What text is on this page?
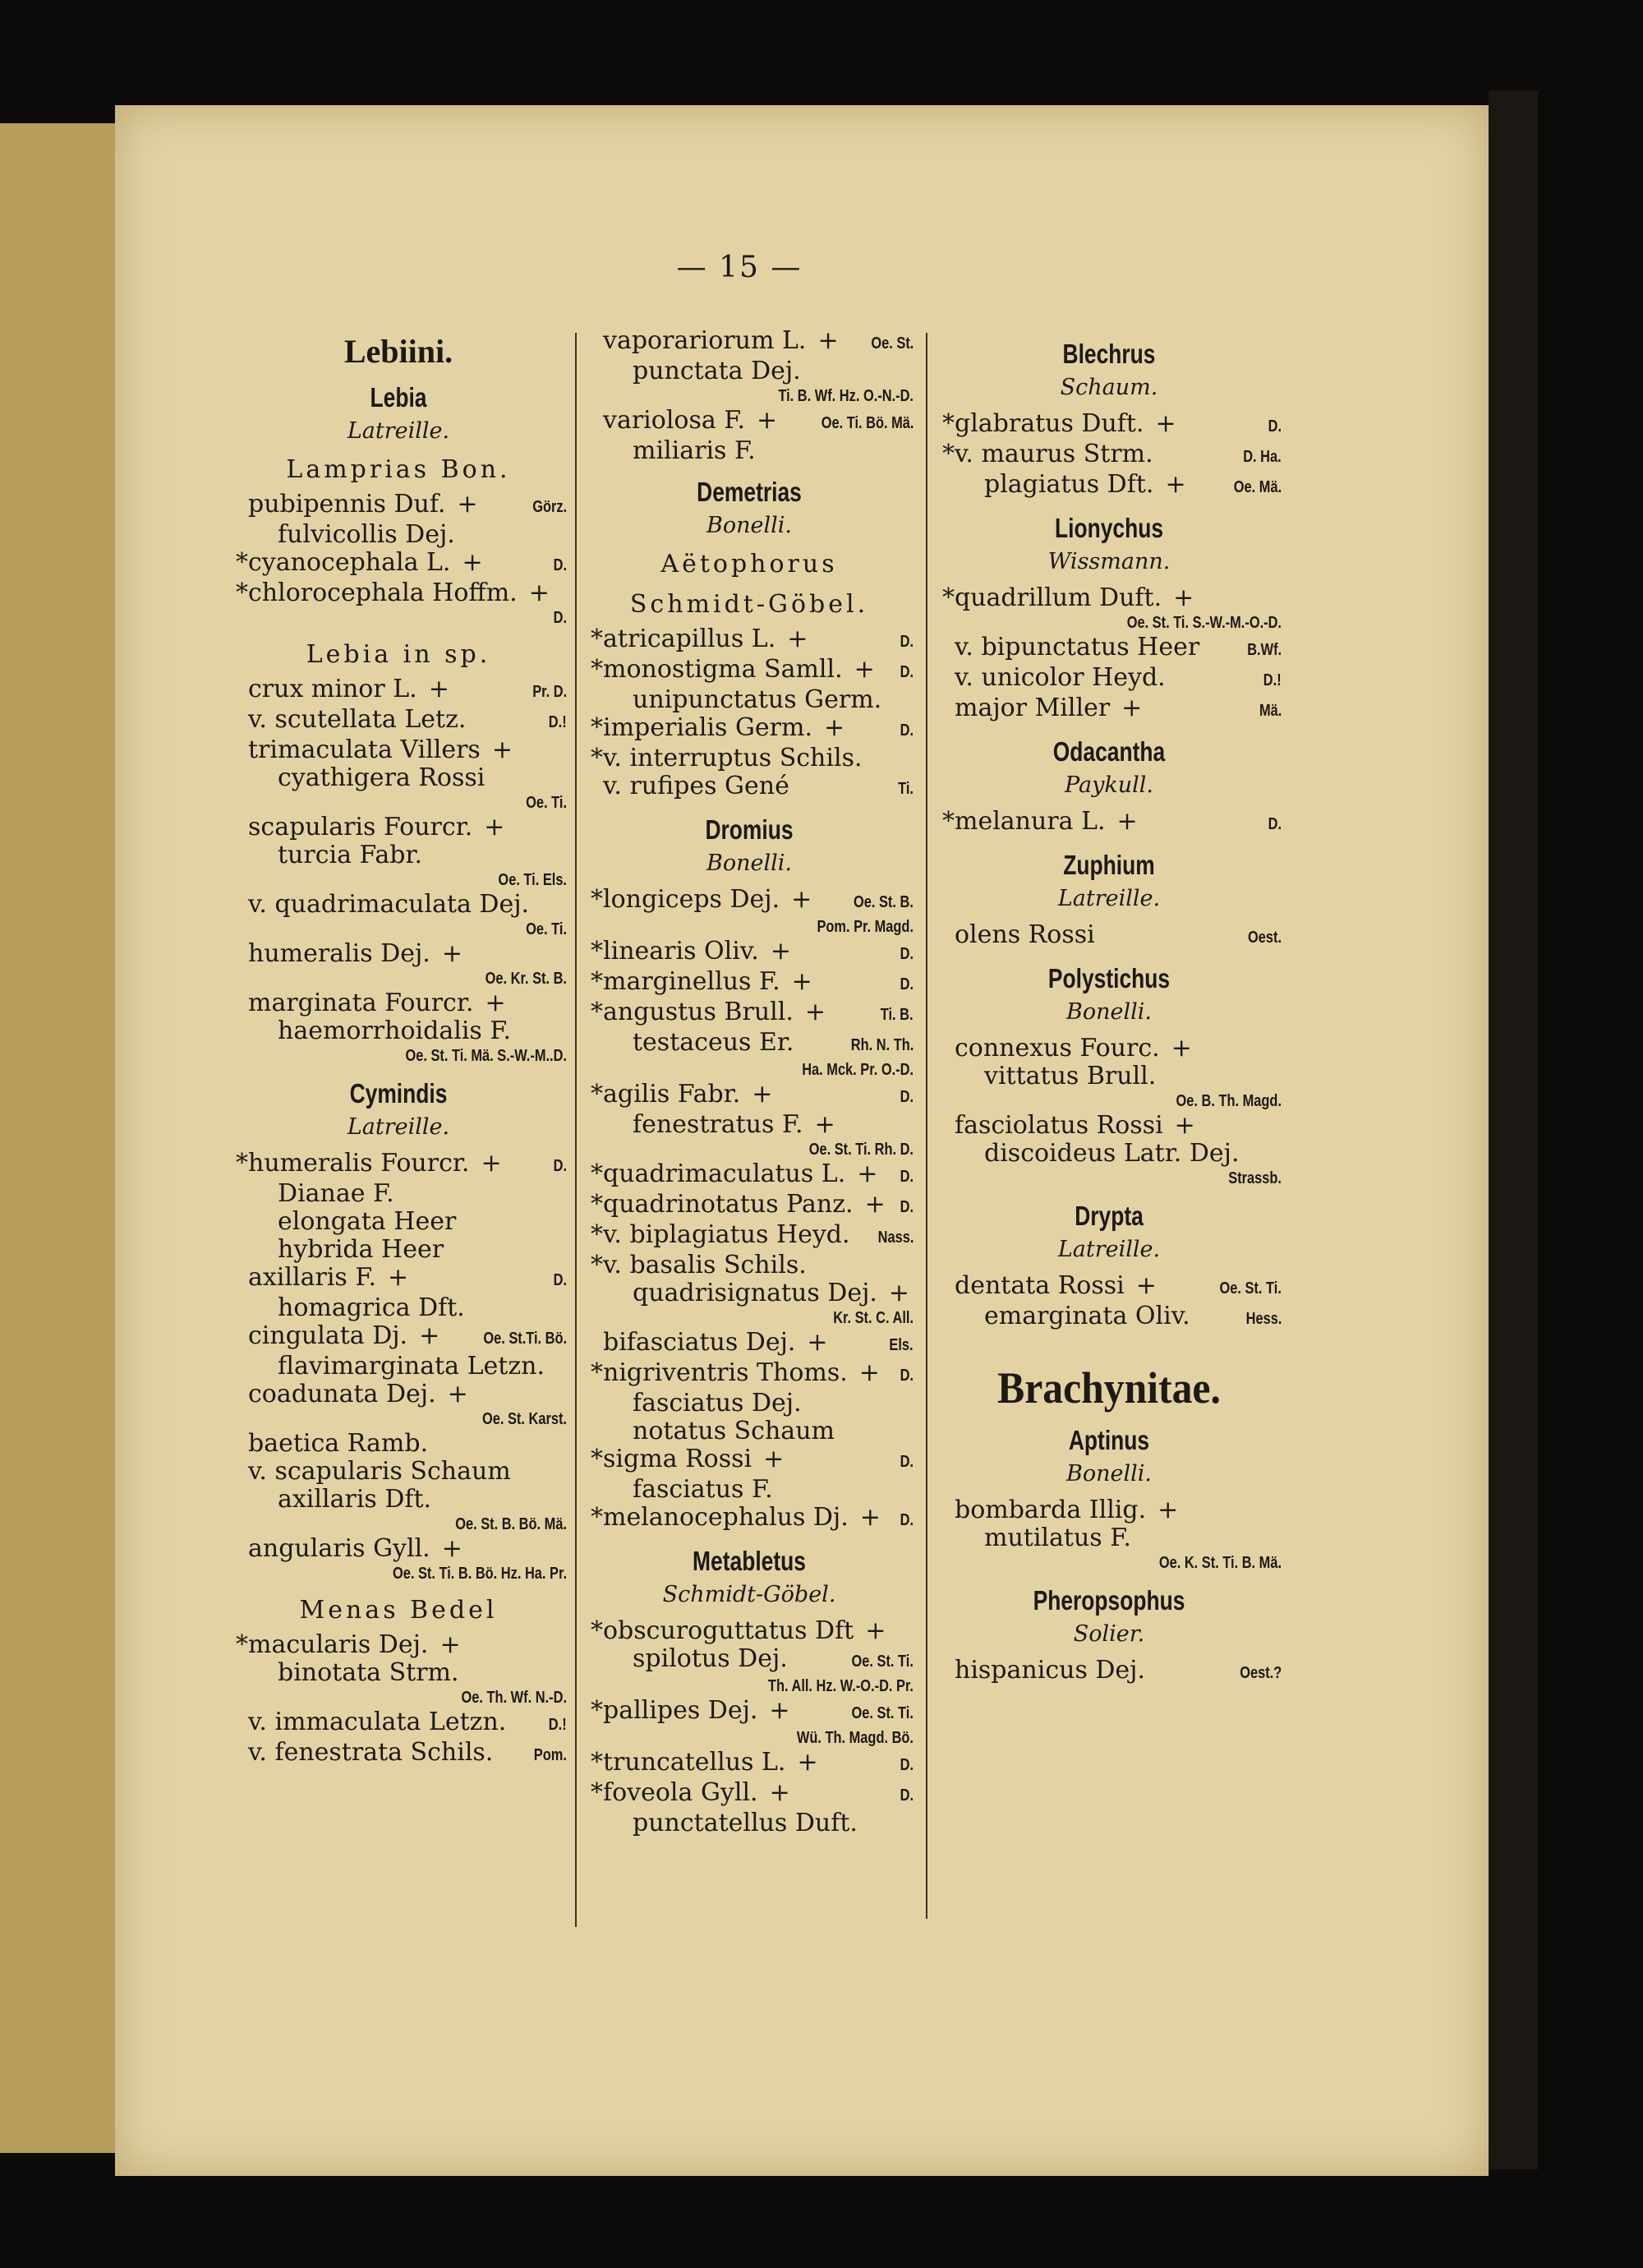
— 15 —
Lebiini.
Lebia
Latreille.
Lamprias Bon.
pubipennis Duf. +	Görz.
fulvicollis Dej.
* cyanocephala L. +	D.
* chlorocephala Hoffm. +
D.
Lebia in sp.
crux minor L. +	Pr. D.
v. scutellata Letz.	D.!
trimaculata Villers +
cyathigera Rossi
Oe. Ti.
scapularis Fourcr. +
turcia Fabr.
Oe. Ti. Els.
v. quadrimaculata Dej.
Oe. Ti.
humeralis Dej. +
Oe. Kr. St. B.
marginata Fourcr. +
haemorrhoidalis F.
Oe. St. Ti. Mä. S.-W.-M..D.
Cymindis
Latreille.
* humeralis Fourcr. +	D.
Dianae F.
elongata Heer
hybrida Heer
axillaris F. +	D.
homagrica Dft.
cingulata Dj. +	Oe. St.Ti. Bö.
flavimarginata Letzn.
coadunata Dej. +
Oe. St. Karst.
baetica Ramb.
v. scapularis Schaum
axillaris Dft.
Oe. St. B. Bö. Mä.
angularis Gyll. +
Oe. St. Ti. B. Bö. Hz. Ha. Pr.
Menas Bedel
* macularis Dej. +
binotata Strm.
Oe. Th. Wf. N.-D.
v. immaculata Letzn.	D.!
v. fenestrata Schils. Pom.
vaporariorum L. + Oe. St.
punctata Dej.
Ti. B. Wf. Hz. O.-N.-D.
variolosa F. +	Oe. Ti. Bö. Mä.
miliaris F.
Demetrias
Bonelli.
Aëtophorus
Schmidt-Göbel.
* atricapillus L. +	D.
* monostigma Samll. + D.
unipunctatus Germ.
* imperialis Germ. +	D.
* v. interruptus Schils.
v. rufipes Gené	Ti.
Dromius
Bonelli.
* longiceps Dej. +	Oe. St. B.
Pom. Pr. Magd.
* linearis Oliv. +	D.
* marginellus F. +	D.
* angustus Brull. +	Ti. B.
testaceus Er.	Rh. N. Th.
Ha. Mck. Pr. O.-D.
* agilis Fabr. +	D.
fenestratus F. +
Oe. St. Ti. Rh. D.
* quadrimaculatus L. + D.
* quadrinotatus Panz. + D.
* v. biplagiatus Heyd. Nass.
* v. basalis Schils.
quadrisignatus Dej. +
Kr. St. C. All.
bifasciatus Dej. +	Els.
* nigriventris Thoms. + D.
fasciatus Dej.
notatus Schaum
* sigma Rossi +	D.
fasciatus F.
* melanocephalus Dj. + D.
Metabletus
Schmidt-Göbel.
* obscuroguttatus Dft +
spilotus Dej.	Oe. St. Ti.
Th. All. Hz. W.-O.-D. Pr.
* pallipes Dej. +	Oe. St. Ti.
Wü. Th. Magd. Bö.
* truncatellus L. +	D.
* foveola Gyll. +	D.
punctatellus Duft.
Blechrus
Schaum.
* glabratus Duft. +	D.
* v. maurus Strm.	D. Ha.
plagiatus Dft. +	Oe. Mä.
Lionychus
Wissmann.
* quadrillum Duft. +
Oe. St. Ti. S.-W.-M.-O.-D.
v. bipunctatus Heer	B.Wf.
v. unicolor Heyd.	D.!
major Miller +	Mä.
Odacantha
Paykull.
* melanura L. +	D.
Zuphium
Latreille.
olens Rossi	Oest.
Polystichus
Bonelli.
connexus Fourc. +
vittatus Brull.
Oe. B. Th. Magd.
fasciolatus Rossi +
discoideus Latr. Dej.
Strassb.
Drypta
Latreille.
dentata Rossi +	Oe. St. Ti.
emarginata Oliv.	Hess.
Brachynitae.
Aptinus
Bonelli.
bombarda Illig. +
mutilatus F.
Oe. K. St. Ti. B. Mä.
Pheropsophus
Solier.
hispanicus Dej.	Oest.?
